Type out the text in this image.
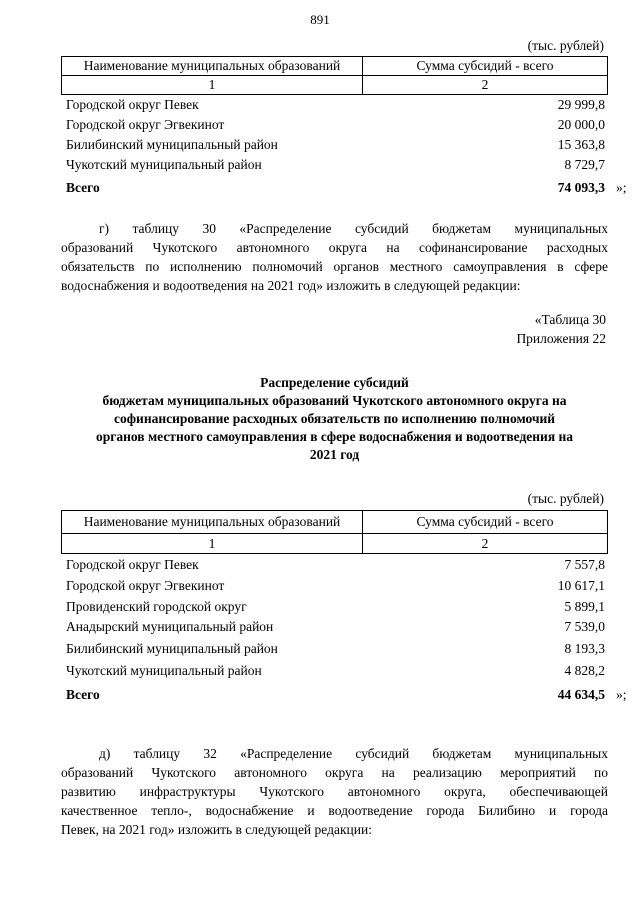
891
(тыс. рублей)
Наименование муниципальных образований	Сумма субсидий - всего
1	2
Городской округ Певек	29 999,8
Городской округ Эгвекинот	20 000,0
Билибинский муниципальный район	15 363,8
Чукотский муниципальный район	8 729,7
Всего	74 093,3 »;
г) таблицу 30 «Распределение субсидий бюджетам муниципальных
образований Чукотского автономного округа на софинансирование расходных
обязательств по исполнению полномочий органов местного самоуправления в сфере
водоснабжения и водоотведения на 2021 год» изложить в следующей редакции:
«Таблица 30
Приложения 22
Распределение субсидий
бюджетам муниципальных образований Чукотского автономного округа на
софинансирование расходных обязательств по исполнению полномочий
органов местного самоуправления в сфере водоснабжения и водоотведения на
2021 год
(тыс. рублей)
Наименование муниципальных образований	Сумма субсидий - всего
1	2
Городской округ Певек	7 557,8
Городской округ Эгвекинот	10 617,1
Провиденский городской округ	5 899,1
Анадырский муниципальный район	7 539,0
Билибинский муниципальный район	8 193,3
Чукотский муниципальный район	4 828,2
Всего	44 634,5 »;
д) таблицу 32 «Распределение субсидий бюджетам муниципальных
образований Чукотского автономного округа на реализацию мероприятий по
развитию инфраструктуры Чукотского автономного округа, обеспечивающей
качественное тепло-, водоснабжение и водоотведение города Билибино и города
Певек, на 2021 год» изложить в следующей редакции:
